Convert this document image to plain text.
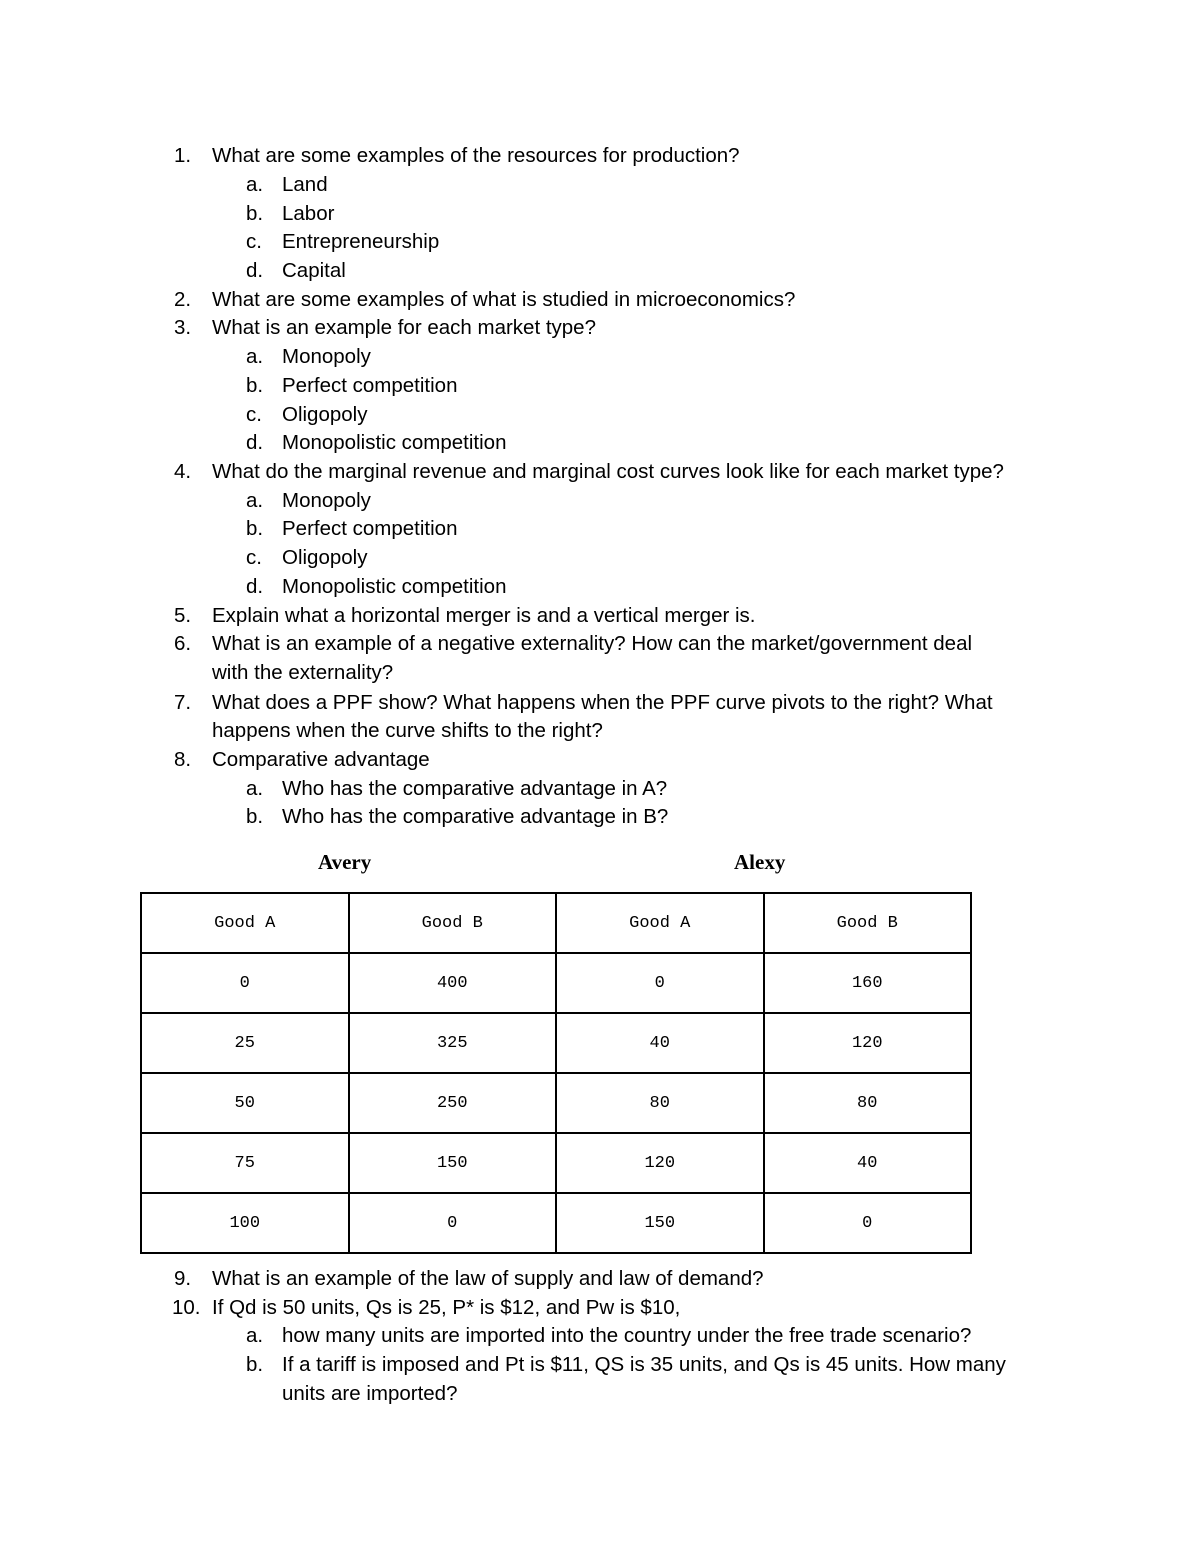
1.	What are some examples of the resources for production?
a. Land
b. Labor
c. Entrepreneurship
d. Capital
2.	What are some examples of what is studied in microeconomics?
3.	What is an example for each market type?
a. Monopoly
b. Perfect competition
c. Oligopoly
d. Monopolistic competition
4.	What do the marginal revenue and marginal cost curves look like for each market type?
a. Monopoly
b. Perfect competition
c. Oligopoly
d. Monopolistic competition
5.	Explain what a horizontal merger is and a vertical merger is.
6.	What is an example of a negative externality? How can the market/government deal
with the externality?
7.	What does a PPF show? What happens when the PPF curve pivots to the right? What
happens when the curve shifts to the right?
8.	Comparative advantage
a. Who has the comparative advantage in A?
b. Who has the comparative advantage in B?
Avery	Alexy
Good A	Good B	Good A	Good B
0	400	0	160
25	325	40	120
50	250	80	80
75	150	120	40
100	0	150	0
9.	What is an example of the law of supply and law of demand?
10. If Qd is 50 units, Qs is 25, P* is $12, and Pw is $10,
a. how many units are imported into the country under the free trade scenario?
b. If a tariff is imposed and Pt is $11, QS is 35 units, and Qs is 45 units. How many
units are imported?
